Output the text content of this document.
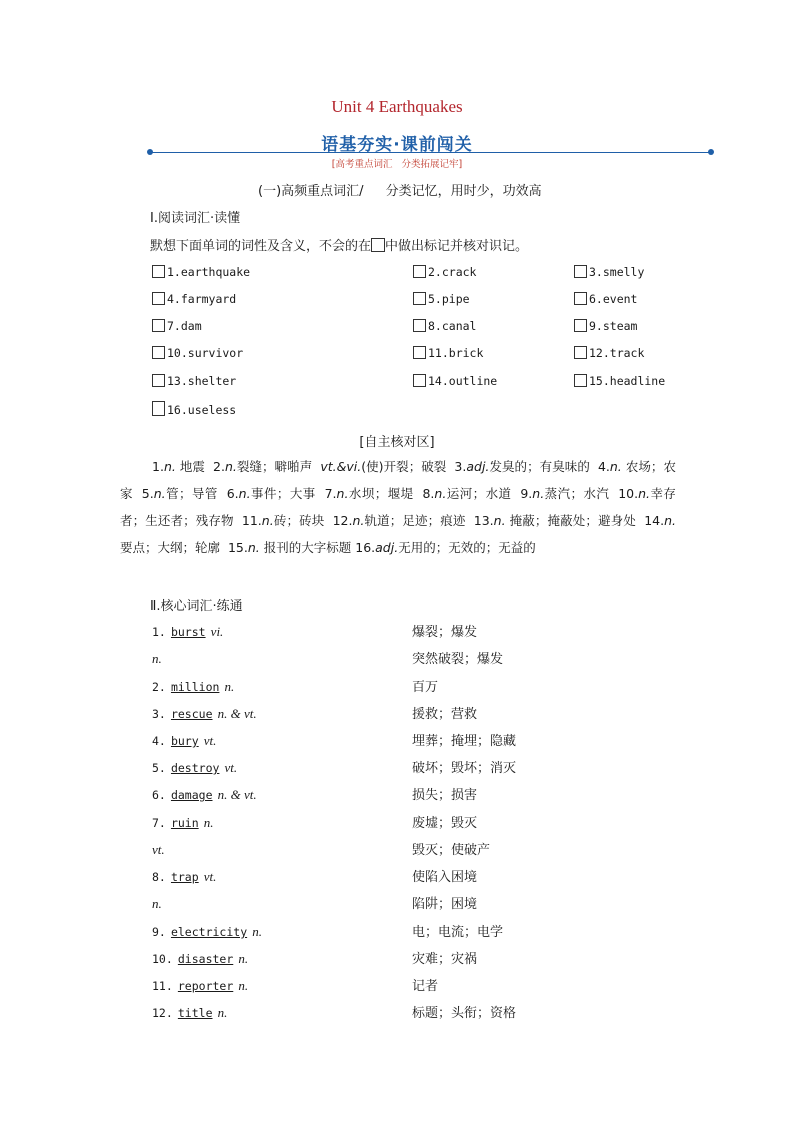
Unit 4 Earthquakes
语基夯实·课前闯关
[高考重点词汇 分类拓展记牢]
(一)高频重点词汇/ 分类记忆，用时少，功效高
Ⅰ.阅读词汇·读懂
默想下面单词的词性及含义，不会的在 中做出标记并核对识记。
1.earthquake	2.crack	3.smelly
4.farmyard	5.pipe	6.event
7.dam	8.canal	9.steam
10.survivor	11.brick	12.track
13.shelter	14.outline	15.headline
16.useless
[自主核对区]
1.n. 地震 2.n.裂缝；噼啪声 vt.&vi.(使)开裂；破裂 3.adj.发臭的；有臭味的 4.n. 农场；农家 5.n.管；导管 6.n.事件；大事 7.n.水坝；堰堤 8.n.运河；水道 9.n.蒸汽；水汽 10.n.幸存者；生还者；残存物 11.n.砖；砖块 12.n.轨道；足迹；痕迹 13.n. 掩蔽；掩蔽处；避身处 14.n.要点；大纲；轮廓 15.n. 报刊的大字标题 16.adj.无用的；无效的；无益的
Ⅱ.核心词汇·练通
1. burst vi.	爆裂；爆发
n.	突然破裂；爆发
2. million n.	百万
3. rescue n. & vt.	援救；营救
4. bury vt.	埋葬；掩埋；隐藏
5. destroy vt.	破坏；毁坏；消灭
6. damage n. & vt.	损失；损害
7. ruin n.	废墟；毁灭
vt.	毁灭；使破产
8. trap vt.	使陷入困境
n.	陷阱；困境
9. electricity n.	电；电流；电学
10. disaster n.	灾难；灾祸
11. reporter n.	记者
12. title n.	标题；头衔；资格
